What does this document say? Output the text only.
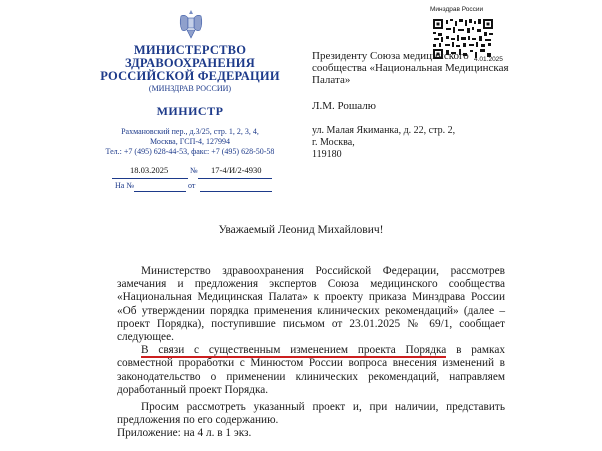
МИНИСТЕРСТВО ЗДРАВООХРАНЕНИЯ РОССИЙСКОЙ ФЕДЕРАЦИИ
(МИНЗДРАВ РОССИИ)
МИНИСТР
Рахмановский пер., д.3/25, стр. 1, 2, 3, 4,
Москва, ГСП-4, 127994
Тел.: +7 (495) 628-44-53, факс: +7 (495) 628-50-58
18.03.2025	№ 17-4/И/2-4930
На №	от
Минздрав России
4.01.2025
Президенту Союза медицинского
сообщества «Национальная Медицинская
Палата»
Л.М. Рошалю
ул. Малая Якиманка, д. 22, стр. 2,
г. Москва,
119180
Уважаемый Леонид Михайлович!

Министерство здравоохранения Российской Федерации, рассмотрев замечания и предложения экспертов Союза медицинского сообщества «Национальная Медицинская Палата» к проекту приказа Минздрава России «Об утверждении порядка применения клинических рекомендаций» (далее – проект Порядка), поступившие письмом от 23.01.2025 № 69/1, сообщает следующее.

В связи с существенным изменением проекта Порядка в рамках совместной проработки с Минюстом России вопроса внесения изменений в законодательство о применении клинических рекомендаций, направляем доработанный проект Порядка.

Просим рассмотреть указанный проект и, при наличии, представить предложения по его содержанию.

Приложение: на 4 л. в 1 экз.
